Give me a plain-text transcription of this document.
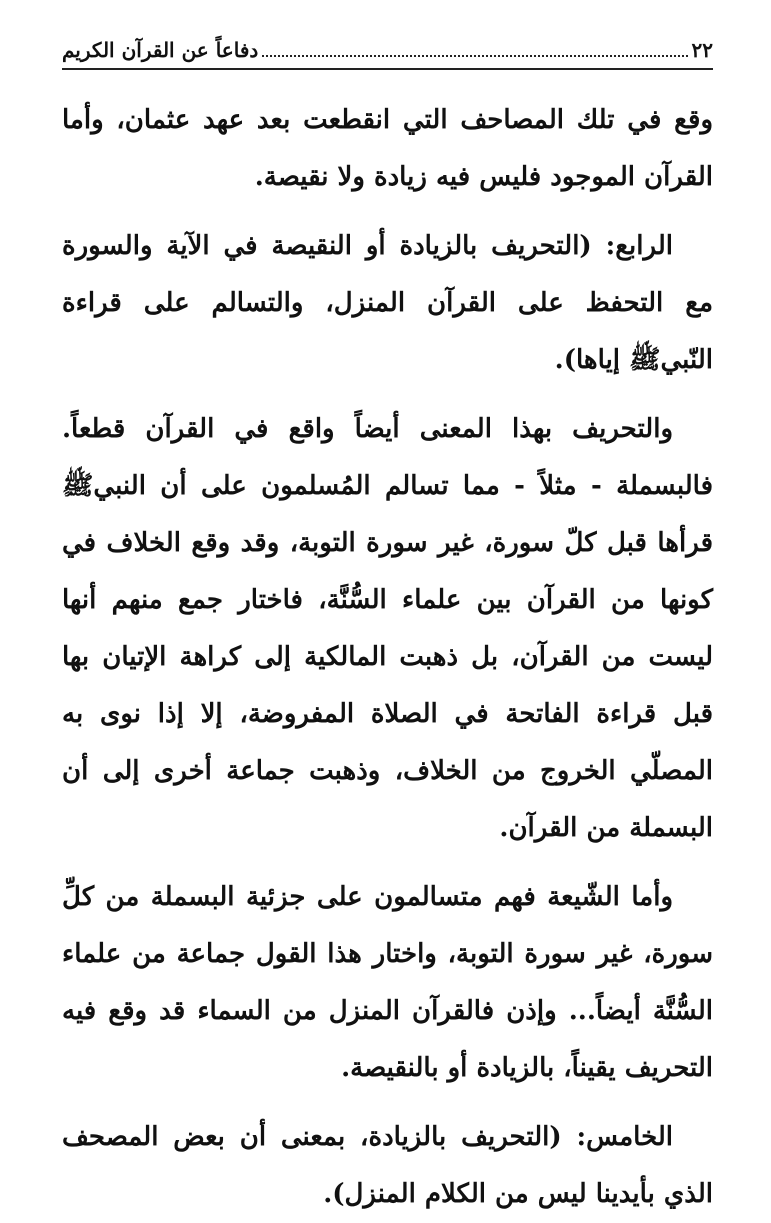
٢٢
دفاعاً عن القرآن الكريم

وقع في تلك المصاحف التي انقطعت بعد عهد عثمان، وأما القرآن الموجود فليس فيه زيادة ولا نقيصة.

الرابع: (التحريف بالزيادة أو النقيصة في الآية والسورة مع التحفظ على القرآن المنزل، والتسالم على قراءة النّبيﷺ إياها).

والتحريف بهذا المعنى أيضاً واقع في القرآن قطعاً. فالبسملة - مثلاً - مما تسالم المُسلمون على أن النبيﷺ قرأها قبل كلّ سورة، غير سورة التوبة، وقد وقع الخلاف في كونها من القرآن بين علماء السُّنَّة، فاختار جمع منهم أنها ليست من القرآن، بل ذهبت المالكية إلى كراهة الإتيان بها قبل قراءة الفاتحة في الصلاة المفروضة، إلا إذا نوى به المصلّي الخروج من الخلاف، وذهبت جماعة أخرى إلى أن البسملة من القرآن.

وأما الشّيعة فهم متسالمون على جزئية البسملة من كلِّ سورة، غير سورة التوبة، واختار هذا القول جماعة من علماء السُّنَّة أيضاً... وإذن فالقرآن المنزل من السماء قد وقع فيه التحريف يقيناً، بالزيادة أو بالنقيصة.

الخامس: (التحريف بالزيادة، بمعنى أن بعض المصحف الذي بأيدينا ليس من الكلام المنزل).
